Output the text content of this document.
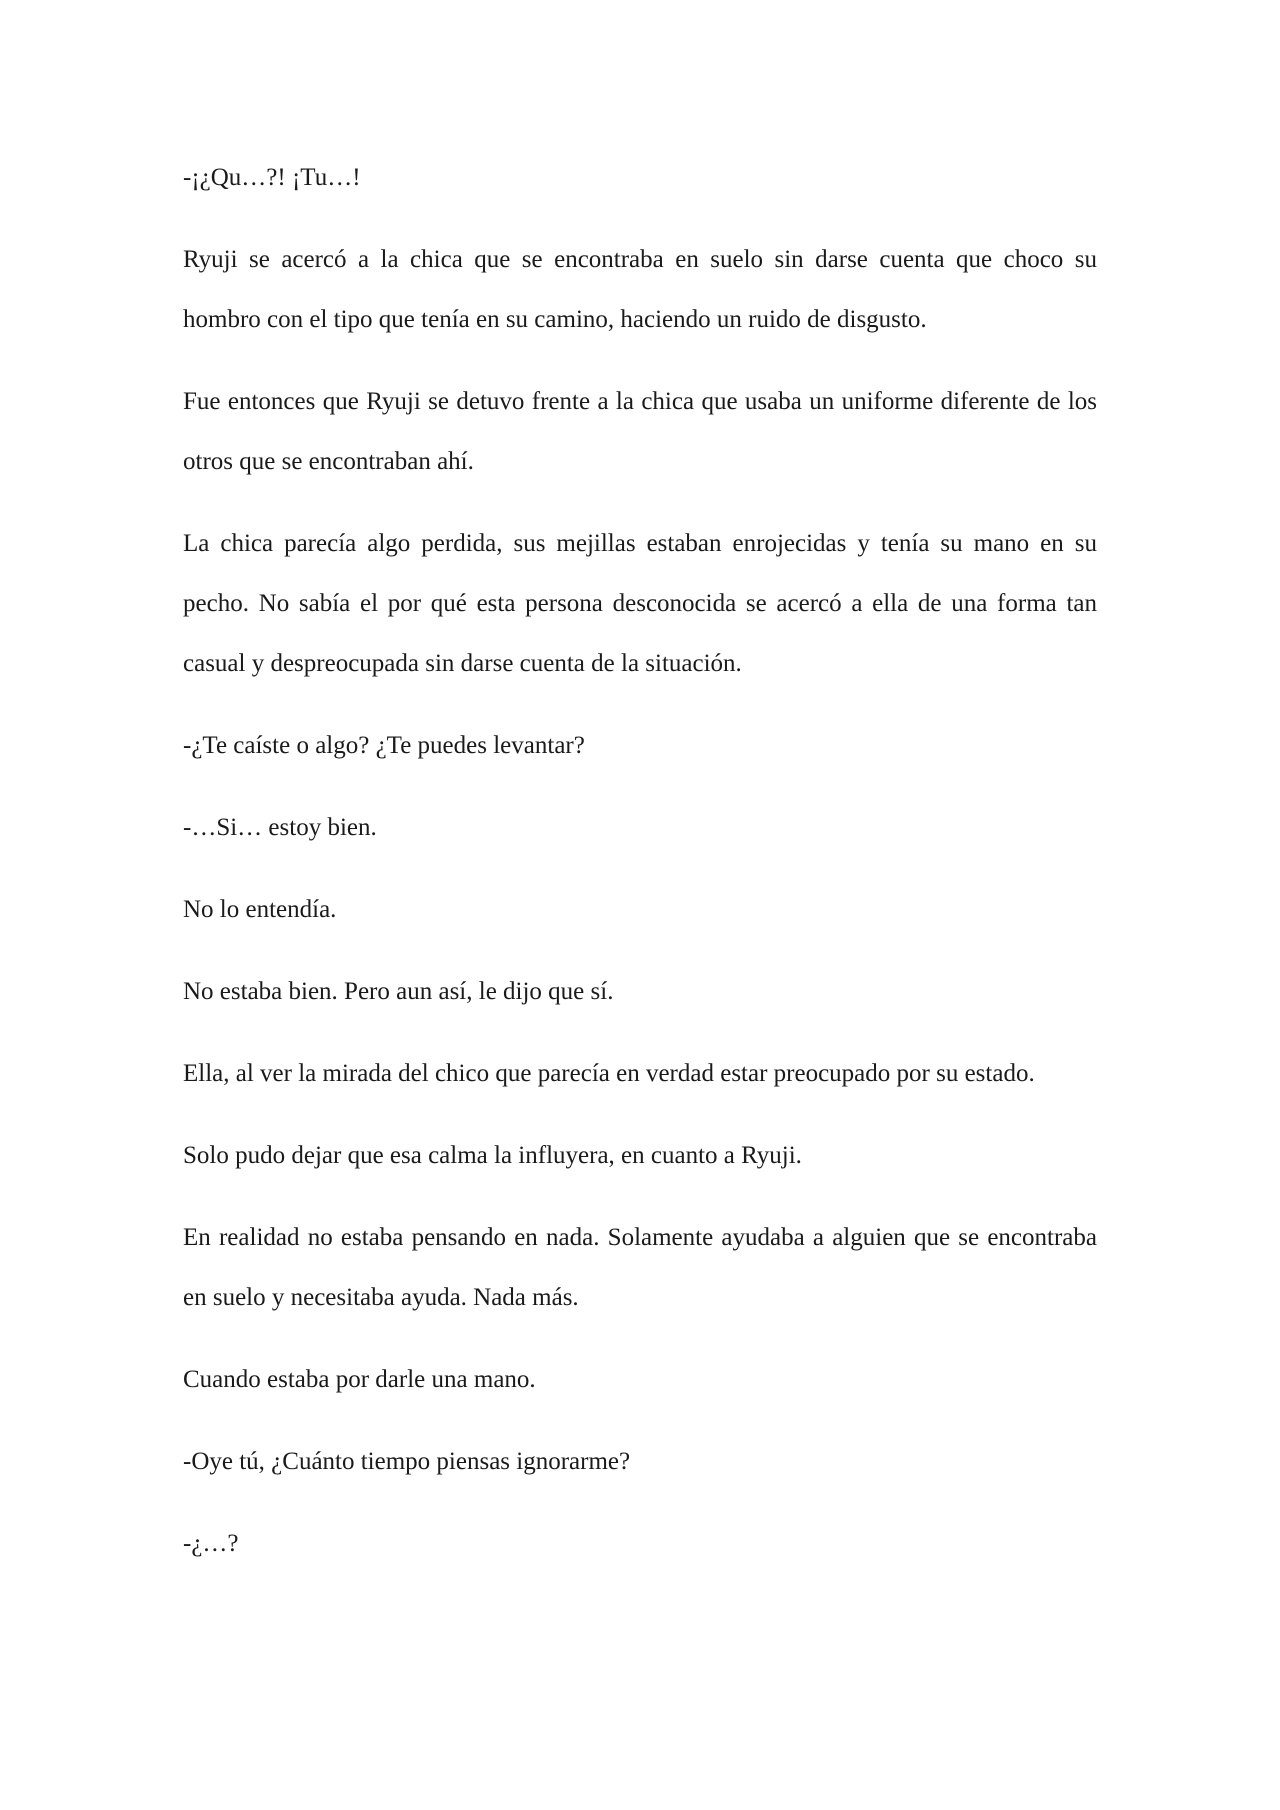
-¡¿Qu…?! ¡Tu…!

Ryuji se acercó a la chica que se encontraba en suelo sin darse cuenta que choco su hombro con el tipo que tenía en su camino, haciendo un ruido de disgusto.

Fue entonces que Ryuji se detuvo frente a la chica que usaba un uniforme diferente de los otros que se encontraban ahí.

La chica parecía algo perdida, sus mejillas estaban enrojecidas y tenía su mano en su pecho. No sabía el por qué esta persona desconocida se acercó a ella de una forma tan casual y despreocupada sin darse cuenta de la situación.

-¿Te caíste o algo? ¿Te puedes levantar?

-…Si… estoy bien.

No lo entendía.

No estaba bien. Pero aun así, le dijo que sí.

Ella, al ver la mirada del chico que parecía en verdad estar preocupado por su estado.

Solo pudo dejar que esa calma la influyera, en cuanto a Ryuji.

En realidad no estaba pensando en nada. Solamente ayudaba a alguien que se encontraba en suelo y necesitaba ayuda. Nada más.

Cuando estaba por darle una mano.

-Oye tú, ¿Cuánto tiempo piensas ignorarme?

-¿…?
